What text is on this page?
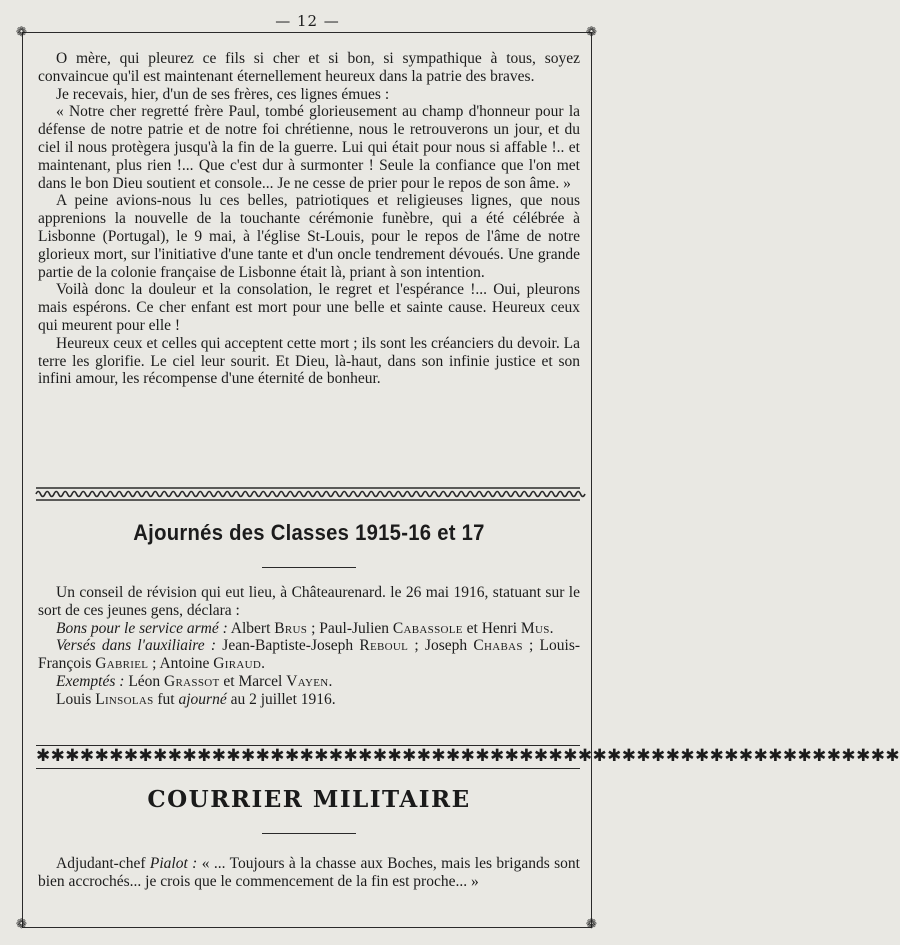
— 12 —
❁	❁
❁	❁

O mère, qui pleurez ce fils si cher et si bon, si sympathique à tous, soyez convaincue qu'il est maintenant éternellement heureux dans la patrie des braves.

Je recevais, hier, d'un de ses frères, ces lignes émues :

« Notre cher regretté frère Paul, tombé glorieusement au champ d'honneur pour la défense de notre patrie et de notre foi chrétienne, nous le retrouverons un jour, et du ciel il nous protègera jusqu'à la fin de la guerre. Lui qui était pour nous si affable !.. et maintenant, plus rien !... Que c'est dur à surmonter ! Seule la confiance que l'on met dans le bon Dieu soutient et console... Je ne cesse de prier pour le repos de son âme. »

A peine avions-nous lu ces belles, patriotiques et religieuses lignes, que nous apprenions la nouvelle de la touchante cérémonie funèbre, qui a été célébrée à Lisbonne (Portugal), le 9 mai, à l'église St-Louis, pour le repos de l'âme de notre glorieux mort, sur l'initiative d'une tante et d'un oncle tendrement dévoués. Une grande partie de la colonie française de Lisbonne était là, priant à son intention.

Voilà donc la douleur et la consolation, le regret et l'espérance !... Oui, pleurons mais espérons. Ce cher enfant est mort pour une belle et sainte cause. Heureux ceux qui meurent pour elle !

Heureux ceux et celles qui acceptent cette mort ; ils sont les créanciers du devoir. La terre les glorifie. Le ciel leur sourit. Et Dieu, là-haut, dans son infinie justice et son infini amour, les récompense d'une éternité de bonheur.

Ajournés des Classes 1915-16 et 17

Un conseil de révision qui eut lieu, à Châteaurenard. le 26 mai 1916, statuant sur le sort de ces jeunes gens, déclara :

Bons pour le service armé : Albert Brus ; Paul-Julien Cabassole et Henri Mus.

Versés dans l'auxiliaire : Jean-Baptiste-Joseph Reboul ; Joseph Chabas ; Louis-François Gabriel ; Antoine Giraud.

Exemptés : Léon Grassot et Marcel Vayen.

Louis Linsolas fut ajourné au 2 juillet 1916.

✱✱✱✱✱✱✱✱✱✱✱✱✱✱✱✱✱✱✱✱✱✱✱✱✱✱✱✱✱✱✱✱✱✱✱✱✱✱✱✱✱✱✱✱✱✱✱✱✱✱✱✱✱✱✱✱✱✱✱
COURRIER MILITAIRE

Adjudant-chef Pialot : « ... Toujours à la chasse aux Boches, mais les brigands sont bien accrochés... je crois que le commencement de la fin est proche... »
